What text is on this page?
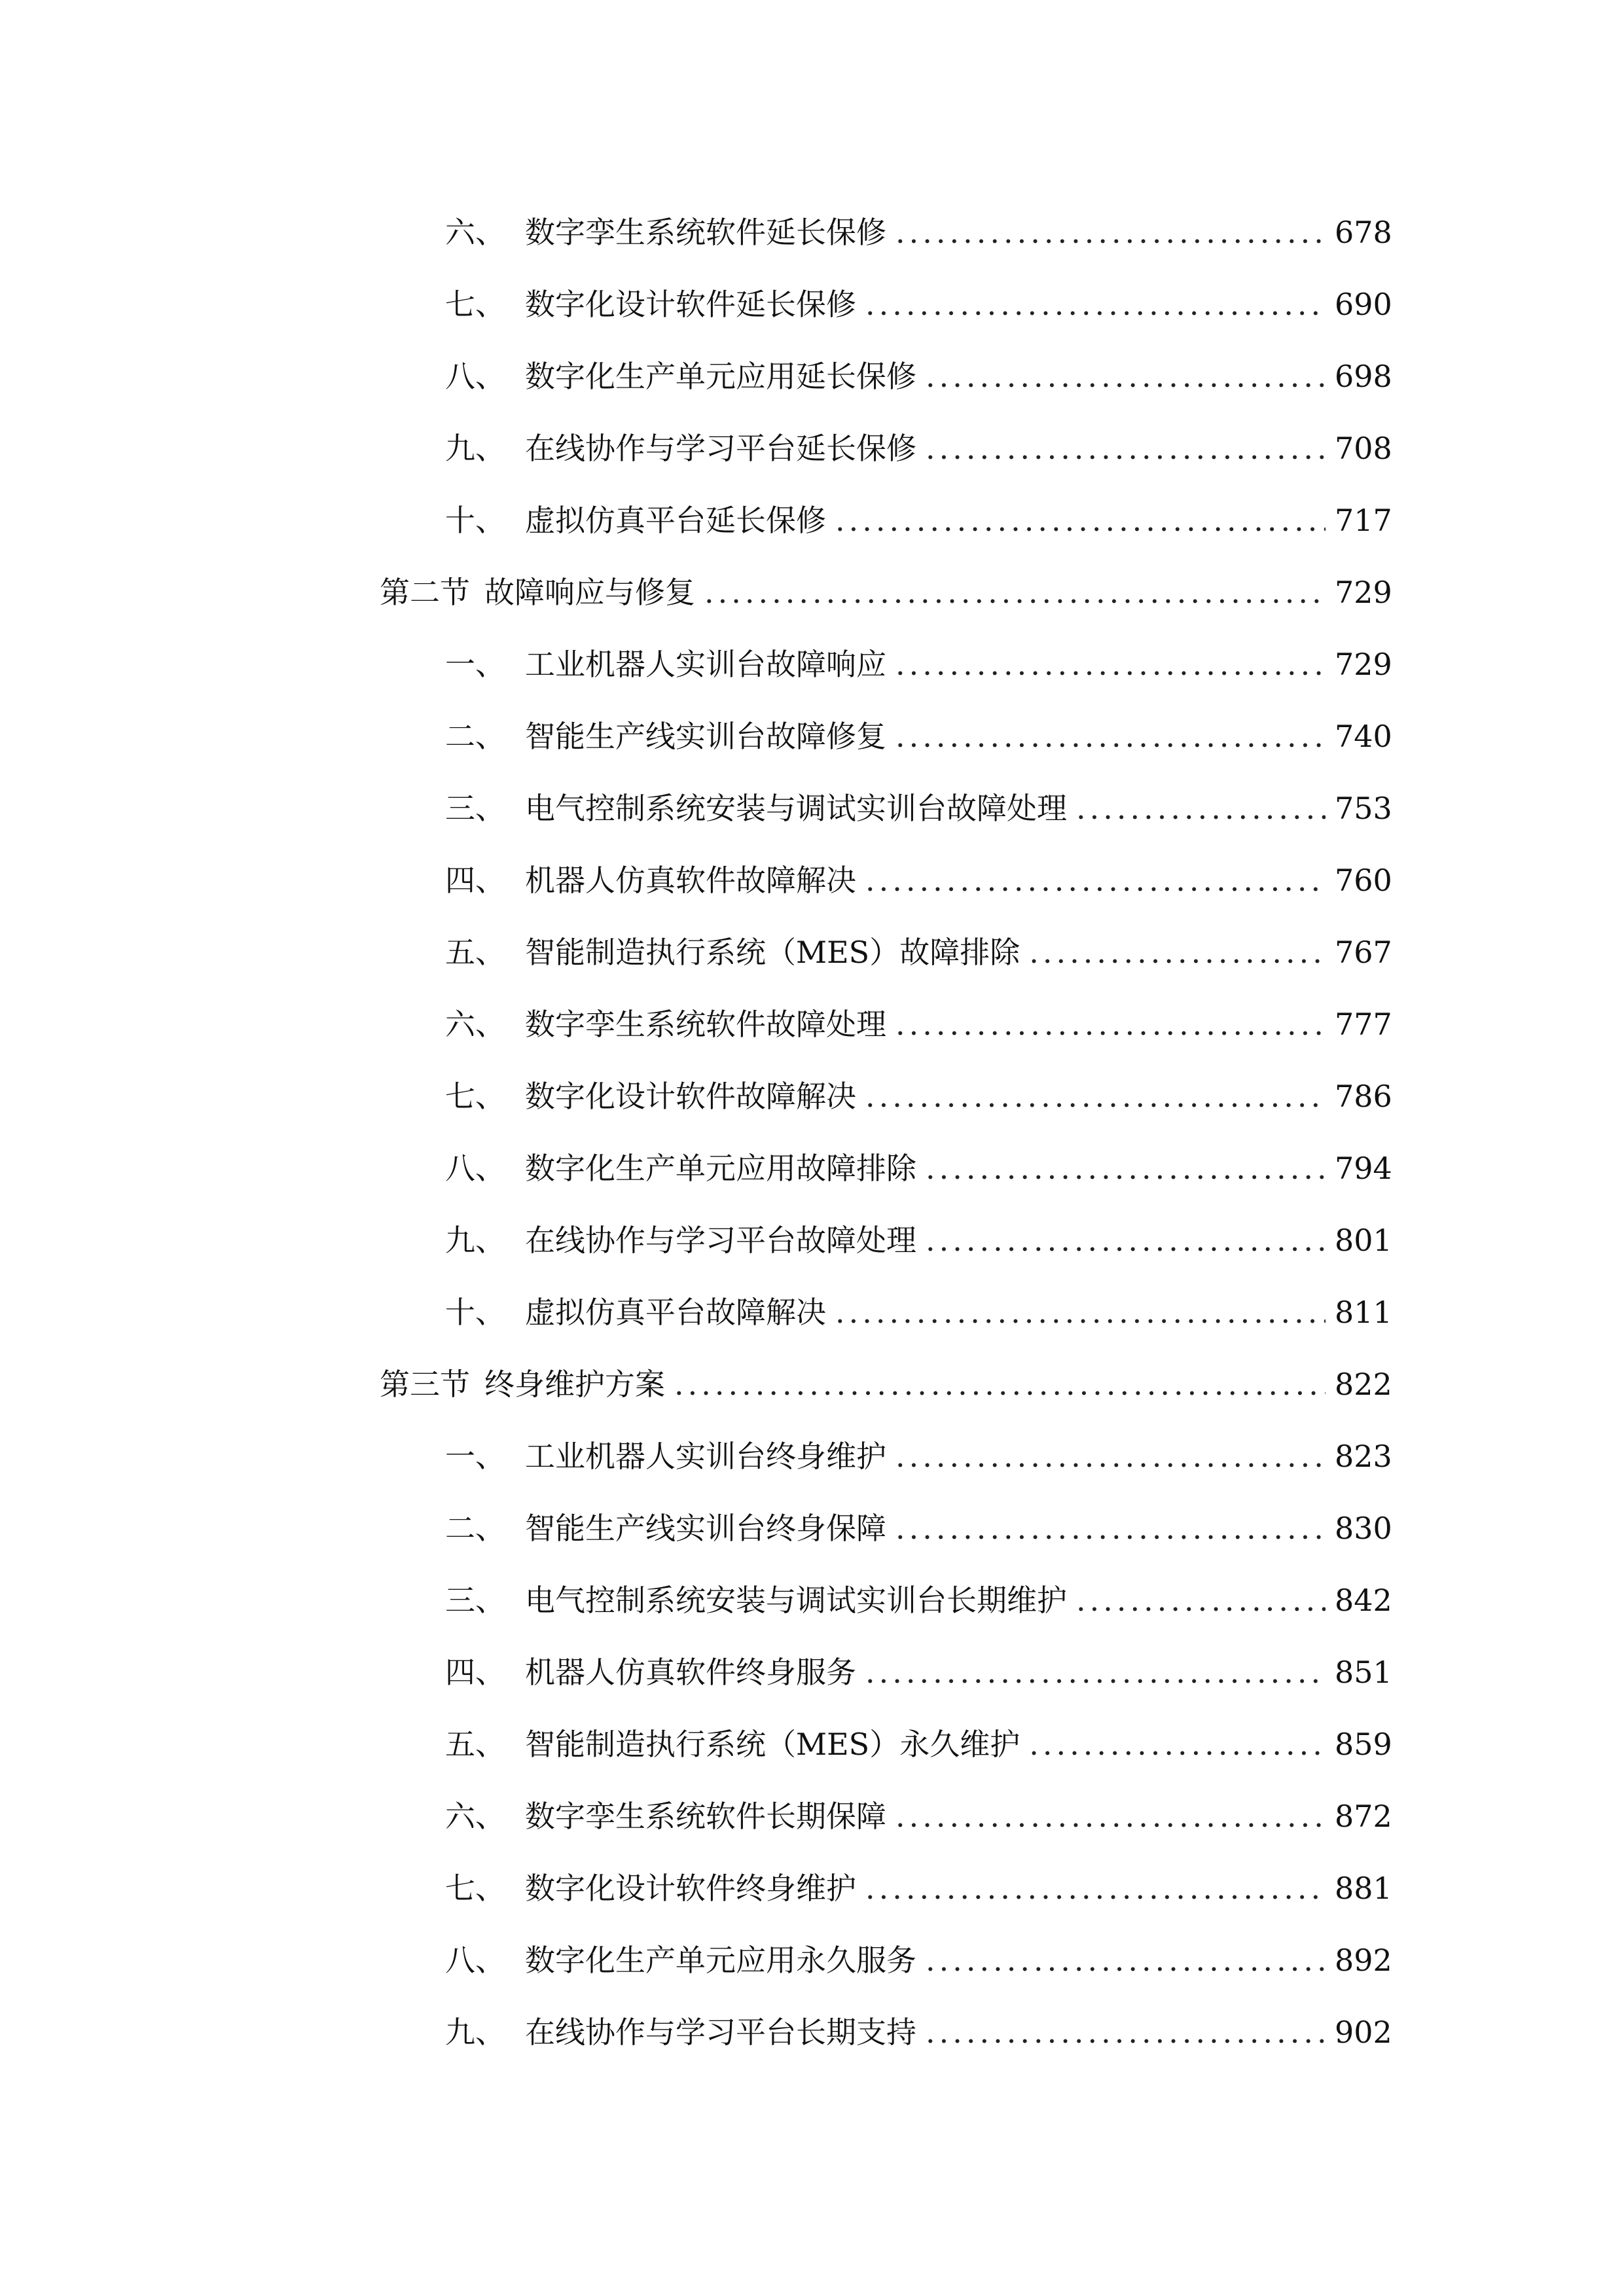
六、 数字孪生系统软件延长保修 .....	678
七、 数字化设计软件延长保修 .....	690
八、 数字化生产单元应用延长保修 .....	698
九、 在线协作与学习平台延长保修 .....	708
十、 虚拟仿真平台延长保修 .....	717
第二节 故障响应与修复 .....	729
一、 工业机器人实训台故障响应 .....	729
二、 智能生产线实训台故障修复 .....	740
三、 电气控制系统安装与调试实训台故障处理 .....	753
四、 机器人仿真软件故障解决 .....	760
五、 智能制造执行系统（MES）故障排除 .....	767
六、 数字孪生系统软件故障处理 .....	777
七、 数字化设计软件故障解决 .....	786
八、 数字化生产单元应用故障排除 .....	794
九、 在线协作与学习平台故障处理 .....	801
十、 虚拟仿真平台故障解决 .....	811
第三节 终身维护方案 .....	822
一、 工业机器人实训台终身维护 .....	823
二、 智能生产线实训台终身保障 .....	830
三、 电气控制系统安装与调试实训台长期维护 .....	842
四、 机器人仿真软件终身服务 .....	851
五、 智能制造执行系统（MES）永久维护 .....	859
六、 数字孪生系统软件长期保障 .....	872
七、 数字化设计软件终身维护 .....	881
八、 数字化生产单元应用永久服务 .....	892
九、 在线协作与学习平台长期支持 .....	902
